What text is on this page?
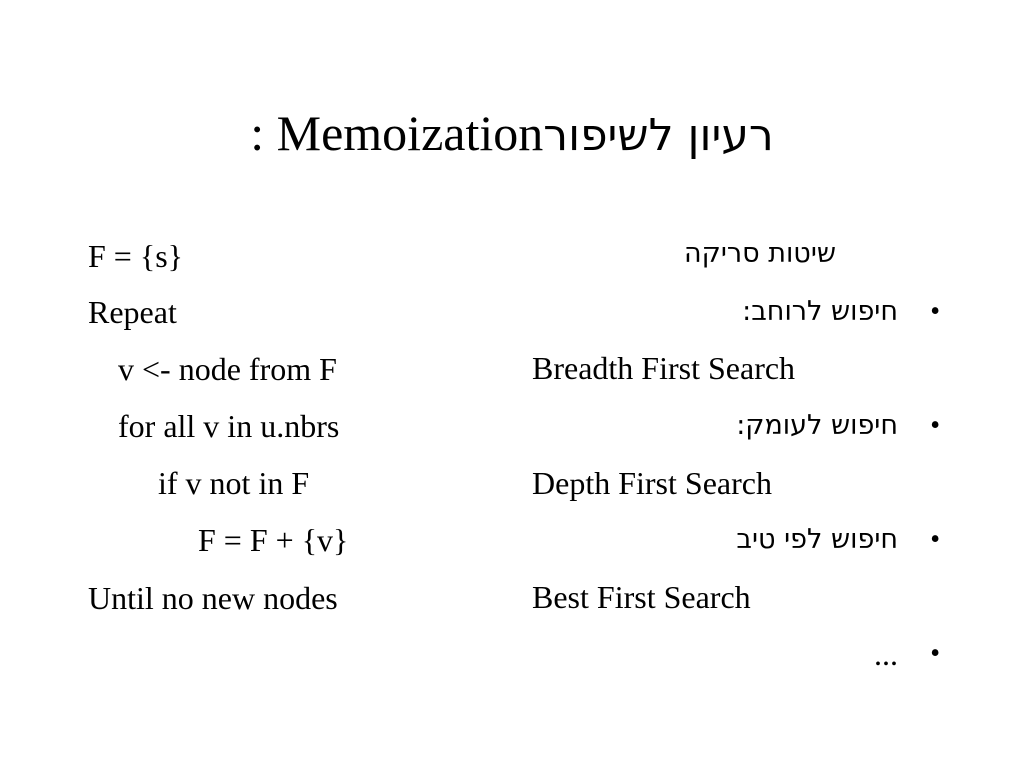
: Memoizationרעיון לשיפור
F = {s}
Repeat
v <- node from F
for all v in u.nbrs
if v not in F
F = F + {v}
Until no new nodes
שיטות סריקה
•
חיפוש לרוחב:
Breadth First Search
•
חיפוש לעומק:
Depth First Search
•
חיפוש לפי טיב
Best First Search
•
...
